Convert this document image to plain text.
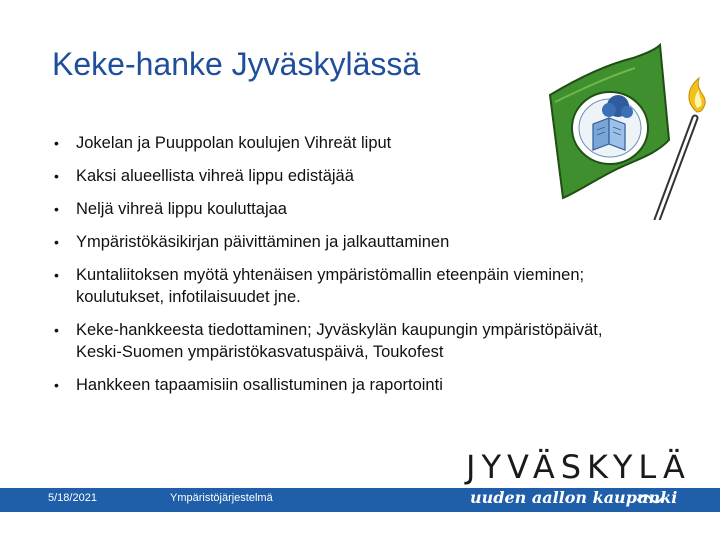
Keke-hanke Jyväskylässä
• Jokelan ja Puuppolan koulujen Vihreät liput
• Kaksi alueellista vihreä lippu edistäjää
• Neljä vihreä lippu kouluttajaa
• Ympäristökäsikirjan päivittäminen ja jalkauttaminen
• Kuntaliitoksen myötä yhtenäisen ympäristömallin eteenpäin vieminen; koulutukset, infotilaisuudet jne.
• Keke-hankkeesta tiedottaminen; Jyväskylän kaupungin ympäristöpäivät, Keski-Suomen ympäristökasvatuspäivä, Toukofest
• Hankkeen tapaamisiin osallistuminen ja raportointi
5/18/2021	Ympäristöjärjestelmä
JYVÄSKYLÄ
uuden aallon kaupunki
